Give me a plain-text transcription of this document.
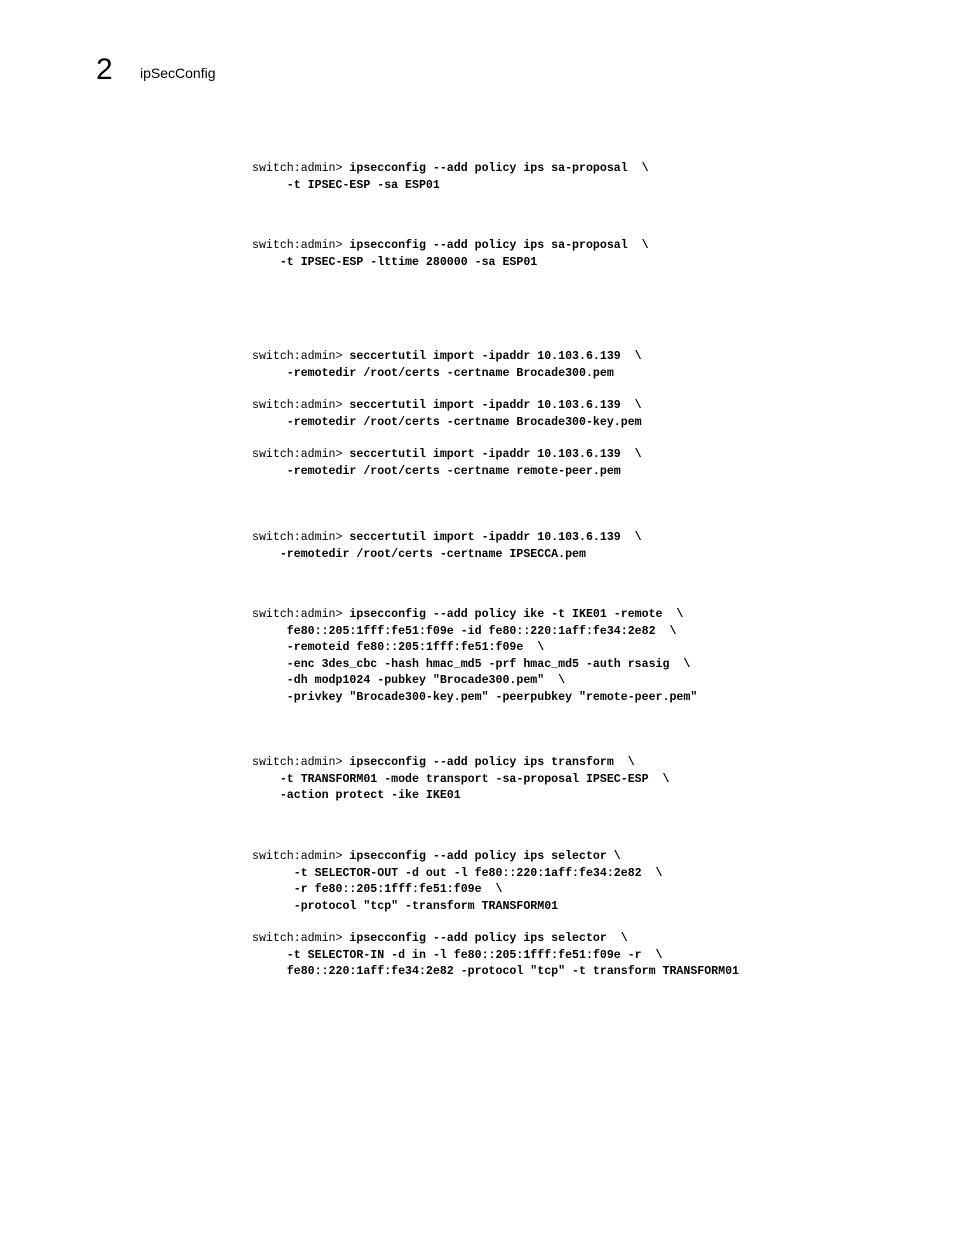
2 ipSecConfig
switch:admin> ipsecconfig --add policy ips sa-proposal  \
-t IPSEC-ESP -sa ESP01
switch:admin> ipsecconfig --add policy ips sa-proposal  \
-t IPSEC-ESP -lttime 280000 -sa ESP01
switch:admin> seccertutil import -ipaddr 10.103.6.139  \
-remotedir /root/certs -certname Brocade300.pem
switch:admin> seccertutil import -ipaddr 10.103.6.139  \
-remotedir /root/certs -certname Brocade300-key.pem
switch:admin> seccertutil import -ipaddr 10.103.6.139  \
-remotedir /root/certs -certname remote-peer.pem
switch:admin> seccertutil import -ipaddr 10.103.6.139  \
-remotedir /root/certs -certname IPSECCA.pem
switch:admin> ipsecconfig --add policy ike -t IKE01 -remote  \
fe80::205:1fff:fe51:f09e -id fe80::220:1aff:fe34:2e82  \
-remoteid fe80::205:1fff:fe51:f09e  \
-enc 3des_cbc -hash hmac_md5 -prf hmac_md5 -auth rsasig  \
-dh modp1024 -pubkey "Brocade300.pem"  \
-privkey "Brocade300-key.pem" -peerpubkey "remote-peer.pem"
switch:admin> ipsecconfig --add policy ips transform  \
-t TRANSFORM01 -mode transport -sa-proposal IPSEC-ESP  \
-action protect -ike IKE01
switch:admin> ipsecconfig --add policy ips selector \
-t SELECTOR-OUT -d out -l fe80::220:1aff:fe34:2e82  \
-r fe80::205:1fff:fe51:f09e  \
-protocol "tcp" -transform TRANSFORM01
switch:admin> ipsecconfig --add policy ips selector  \
-t SELECTOR-IN -d in -l fe80::205:1fff:fe51:f09e -r  \
fe80::220:1aff:fe34:2e82 -protocol "tcp" -t transform TRANSFORM01
